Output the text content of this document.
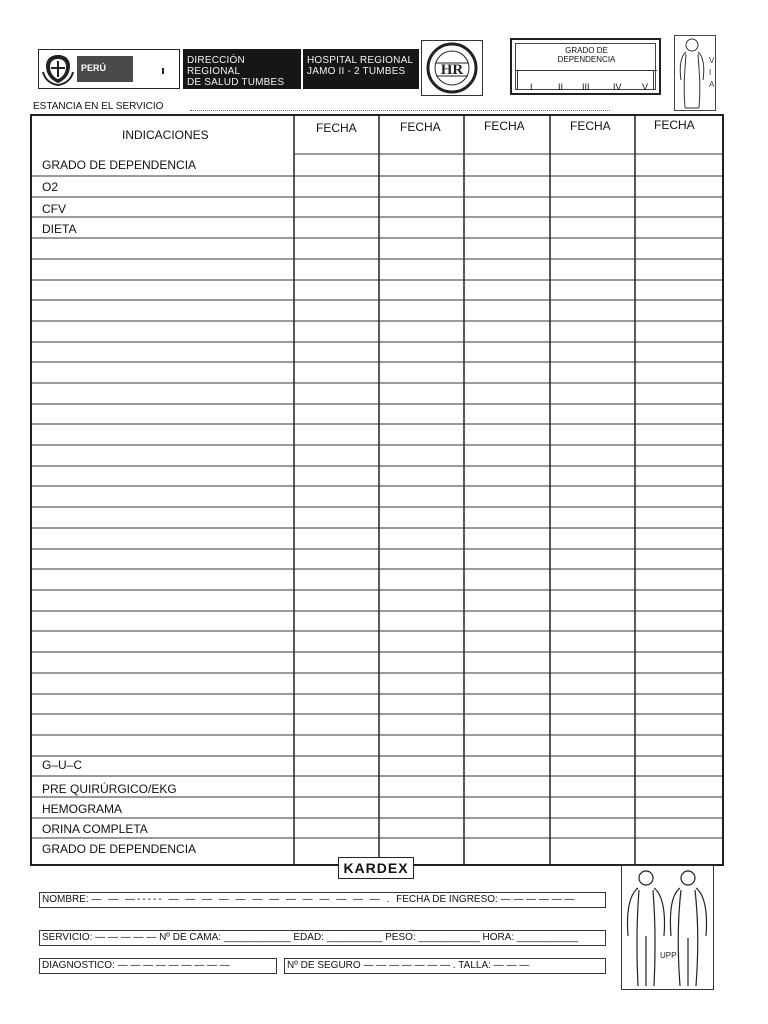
PERÚ
DIRECCIÓN REGIONAL
DE SALUD TUMBES
HOSPITAL REGIONAL
JAMO II - 2 TUMBES	HR
GRADO DE
DEPENDENCIA
I	II III	IV V
V
I
A
ESTANCIA EN EL SERVICIO
INDICACIONES	FECHA	FECHA	FECHA	FECHA	FECHA
GRADO DE DEPENDENCIA
O2
CFV
DIETA
G–U–C
PRE QUIRÚRGICO/EKG
HEMOGRAMA
ORINA COMPLETA
GRADO DE DEPENDENCIA
KARDEX
NOMBRE: — — —----- — — — — — — — — — — — — — . FECHA DE INGRESO: — — — — — —
SERVICIO: — — — — — Nº DE CAMA: ____________ EDAD: __________ PESO: ___________ HORA: ___________
DIAGNOSTICO: — — — — — — — — —	Nº DE SEGURO — — — — — — — . TALLA: — — —
UPP
